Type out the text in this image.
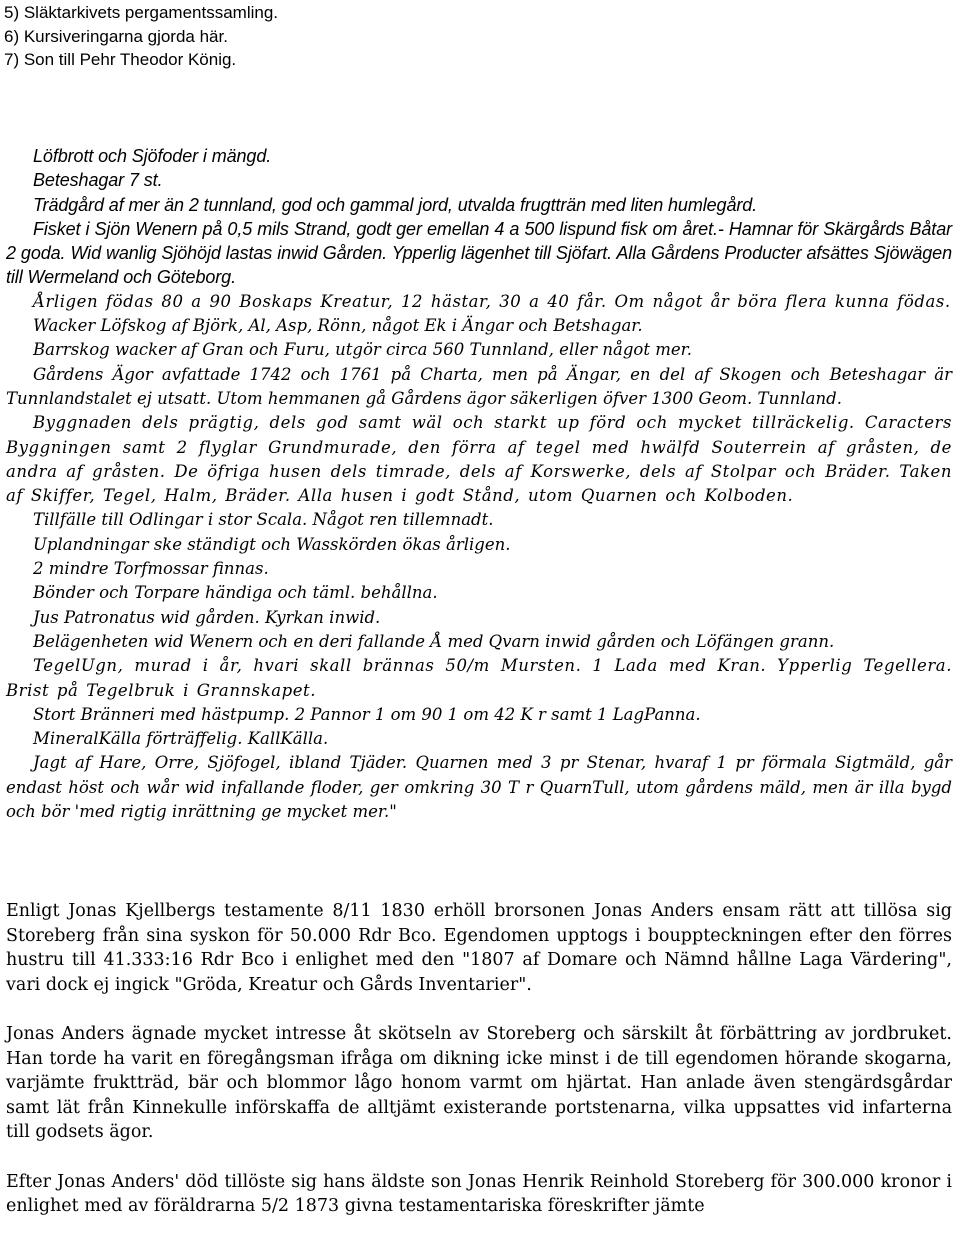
5) Släktarkivets pergamentssamling.
6) Kursiveringarna gjorda här.
7) Son till Pehr Theodor König.

Löfbrott och Sjöfoder i mängd.

Beteshagar 7 st.

Trädgård af mer än 2 tunnland, god och gammal jord, utvalda frugtträn med liten humlegård.

Fisket i Sjön Wenern på 0,5 mils Strand, godt ger emellan 4 a 500 lispund fisk om året.- Hamnar för Skärgårds Båtar 2 goda. Wid wanlig Sjöhöjd lastas inwid Gården. Ypperlig lägenhet till Sjöfart. Alla Gårdens Producter afsättes Sjöwägen till Wermeland och Göteborg.

Årligen födas 80 a 90 Boskaps Kreatur, 12 hästar, 30 a 40 får. Om något år böra flera kunna födas.

Wacker Löfskog af Björk, Al, Asp, Rönn, något Ek i Ängar och Betshagar.

Barrskog wacker af Gran och Furu, utgör circa 560 Tunnland, eller något mer.

Gårdens Ägor avfattade 1742 och 1761 på Charta, men på Ängar, en del af Skogen och Beteshagar är Tunnlandstalet ej utsatt. Utom hemmanen gå Gårdens ägor säkerligen öfver 1300 Geom. Tunnland.

Byggnaden dels prägtig, dels god samt wäl och starkt up förd och mycket tillräckelig. Caracters Byggningen samt 2 flyglar Grundmurade, den förra af tegel med hwälfd Souterrein af gråsten, de andra af gråsten. De öfriga husen dels timrade, dels af Korswerke, dels af Stolpar och Bräder. Taken af Skiffer, Tegel, Halm, Bräder. Alla husen i godt Stånd, utom Quarnen och Kolboden.

Tillfälle till Odlingar i stor Scala. Något ren tillemnadt.

Uplandningar ske ständigt och Wasskörden ökas årligen.

2 mindre Torfmossar finnas.

Bönder och Torpare händiga och täml. behållna.

Jus Patronatus wid gården. Kyrkan inwid.

Belägenheten wid Wenern och en deri fallande Å med Qvarn inwid gården och Löfängen grann.

TegelUgn, murad i år, hvari skall brännas 50/m Mursten. 1 Lada med Kran. Ypperlig Tegellera. Brist på Tegelbruk i Grannskapet.

Stort Bränneri med hästpump. 2 Pannor 1 om 90 1 om 42 K r samt 1 LagPanna.

MineralKälla förträffelig. KallKälla.

Jagt af Hare, Orre, Sjöfogel, ibland Tjäder. Quarnen med 3 pr Stenar, hvaraf 1 pr förmala Sigtmäld, går endast höst och wår wid infallande floder, ger omkring 30 T r QuarnTull, utom gårdens mäld, men är illa bygd och bör 'med rigtig inrättning ge mycket mer."

Enligt Jonas Kjellbergs testamente 8/11 1830 erhöll brorsonen Jonas Anders ensam rätt att tillösa sig Storeberg från sina syskon för 50.000 Rdr Bco. Egendomen upptogs i bouppteckningen efter den förres hustru till 41.333:16 Rdr Bco i enlighet med den "1807 af Domare och Nämnd hållne Laga Värdering", vari dock ej ingick "Gröda, Kreatur och Gårds Inventarier".

Jonas Anders ägnade mycket intresse åt skötseln av Storeberg och särskilt åt förbättring av jordbruket. Han torde ha varit en föregångsman ifråga om dikning icke minst i de till egendomen hörande skogarna, varjämte fruktträd, bär och blommor lågo honom varmt om hjärtat. Han anlade även stengärdsgårdar samt lät från Kinnekulle införskaffa de alltjämt existerande portstenarna, vilka uppsattes vid infarterna till godsets ägor.

Efter Jonas Anders' död tillöste sig hans äldste son Jonas Henrik Reinhold Storeberg för 300.000 kronor i enlighet med av föräldrarna 5/2 1873 givna testamentariska föreskrifter jämte
